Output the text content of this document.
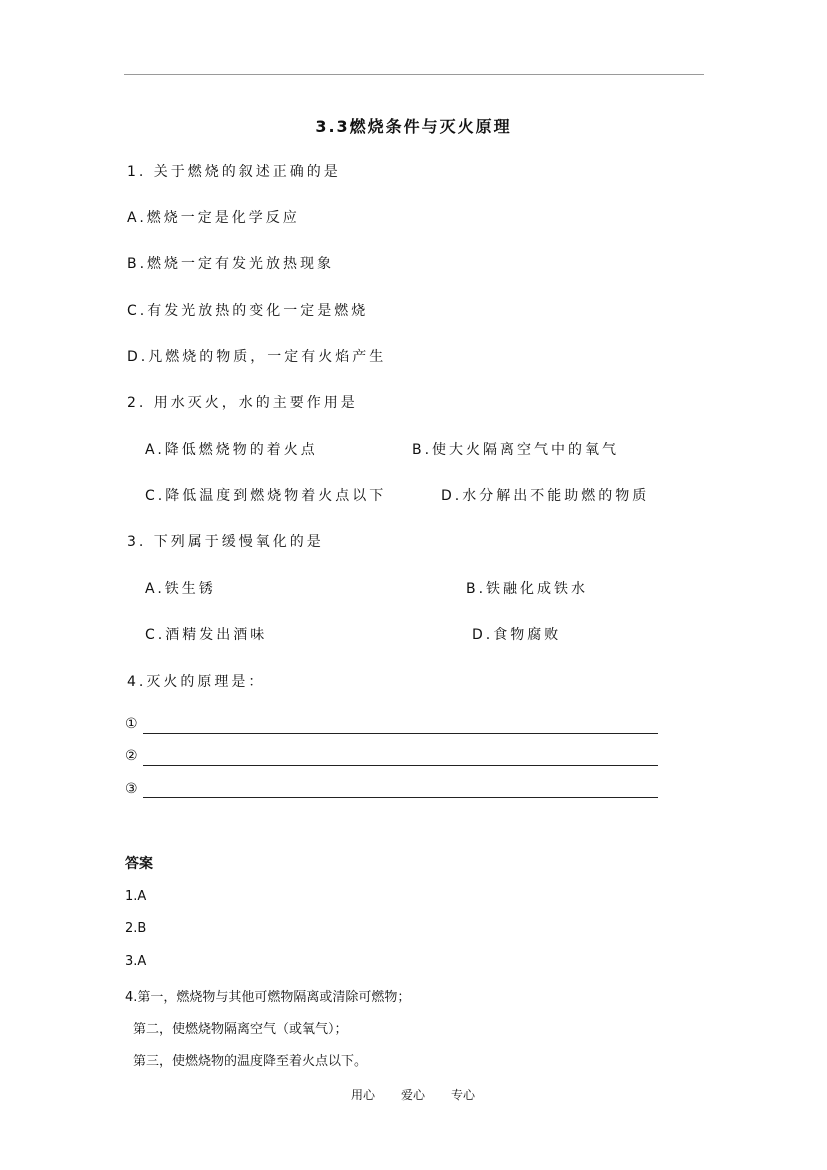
3.3燃烧条件与灭火原理
1. 关于燃烧的叙述正确的是
A.燃烧一定是化学反应
B.燃烧一定有发光放热现象
C.有发光放热的变化一定是燃烧
D.凡燃烧的物质，一定有火焰产生
2. 用水灭火，水的主要作用是
A.降低燃烧物的着火点	B.使大火隔离空气中的氧气
C.降低温度到燃烧物着火点以下	D.水分解出不能助燃的物质
3. 下列属于缓慢氧化的是
A.铁生锈	B.铁融化成铁水
C.酒精发出酒味	D.食物腐败
4.灭火的原理是：
①
②
③
答案
1.A
2.B
3.A
4.第一，燃烧物与其他可燃物隔离或清除可燃物；
第二，使燃烧物隔离空气（或氧气）；
第三，使燃烧物的温度降至着火点以下。
用心 爱心 专心
